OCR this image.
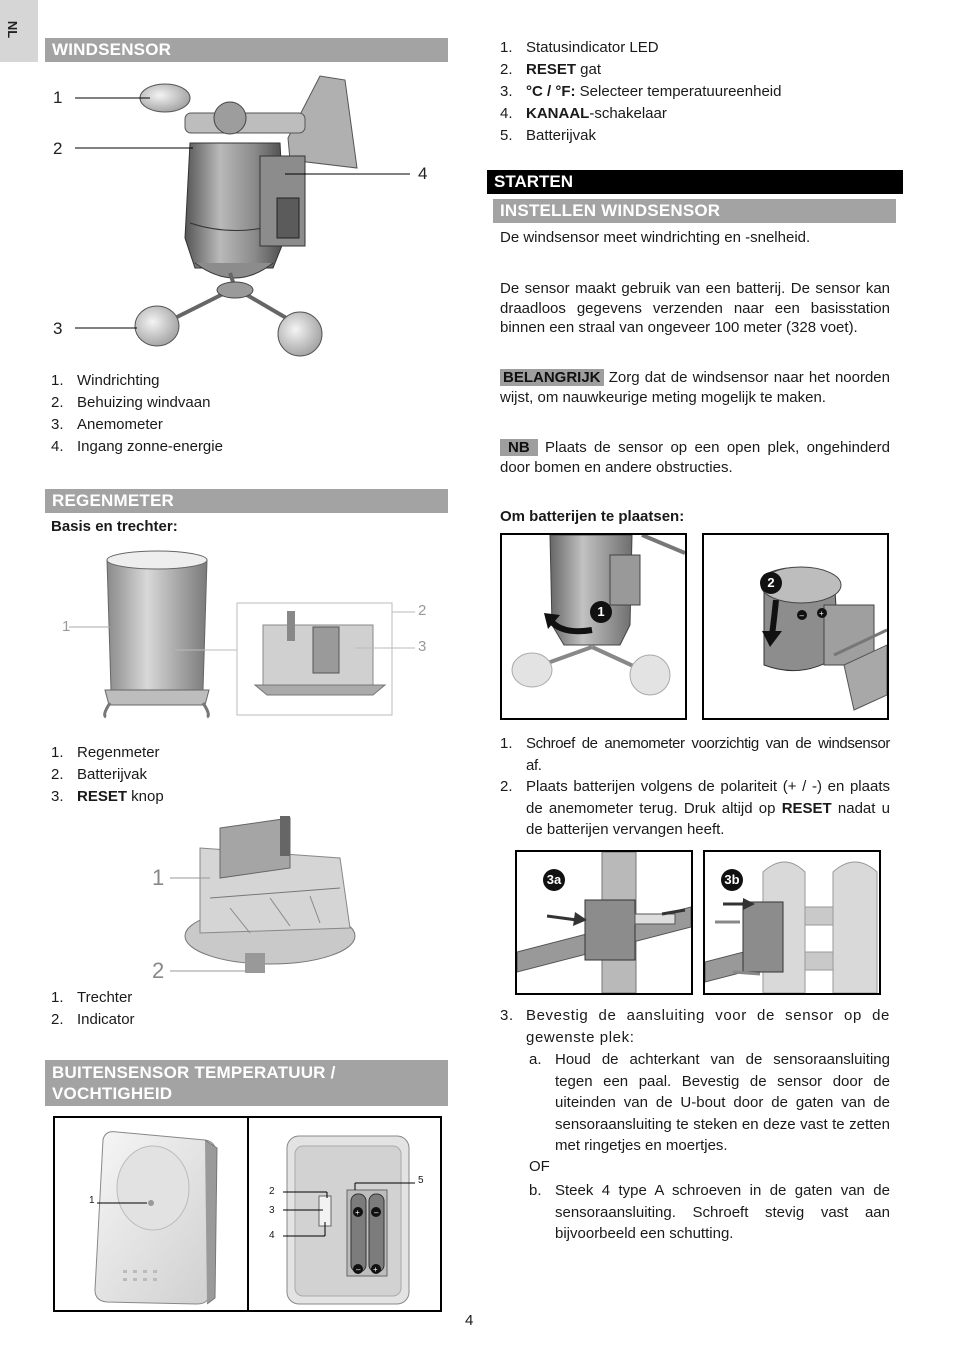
NL
WINDSENSOR
1
2
3
4
1. Windrichting
2. Behuizing windvaan
3. Anemometer
4. Ingang zonne-energie
REGENMETER
Basis en trechter:
1
2
3
1. Regenmeter
2. Batterijvak
3. RESET knop
1
2
1. Trechter
2. Indicator
BUITENSENSOR TEMPERATUUR /
VOCHTIGHEID
+ –
– +
1
2
3
4
5
1. Statusindicator LED
2. RESET gat
3. °C / °F: Selecteer temperatuureenheid
4. KANAAL-schakelaar
5. Batterijvak
STARTEN
INSTELLEN WINDSENSOR
De windsensor meet windrichting en -snelheid.
De sensor maakt gebruik van een batterij. De sensor kan draadloos gegevens verzenden naar een basisstation binnen een straal van ongeveer 100 meter (328 voet).
BELANGRIJK Zorg dat de windsensor naar het noorden wijst, om nauwkeurige meting mogelijk te maken.
NB Plaats de sensor op een open plek, ongehinderd door bomen en andere obstructies.
Om batterijen te plaatsen:
1	– +
2
1. Schroef de anemometer voorzichtig van de windsensor af.
2. Plaats batterijen volgens de polariteit (+ / -) en plaats de anemometer terug. Druk altijd op RESET nadat u de batterijen vervangen heeft.
3a	3b
3. Bevestig de aansluiting voor de sensor op de gewenste plek:
a. Houd de achterkant van de sensoraansluiting tegen een paal. Bevestig de sensor door de uiteinden van de U-bout door de gaten van de sensoraansluiting te steken en deze vast te zetten met ringetjes en moertjes.
OF
b. Steek 4 type A schroeven in de gaten van de sensoraansluiting. Schroeft stevig vast aan bijvoorbeeld een schutting.
4
